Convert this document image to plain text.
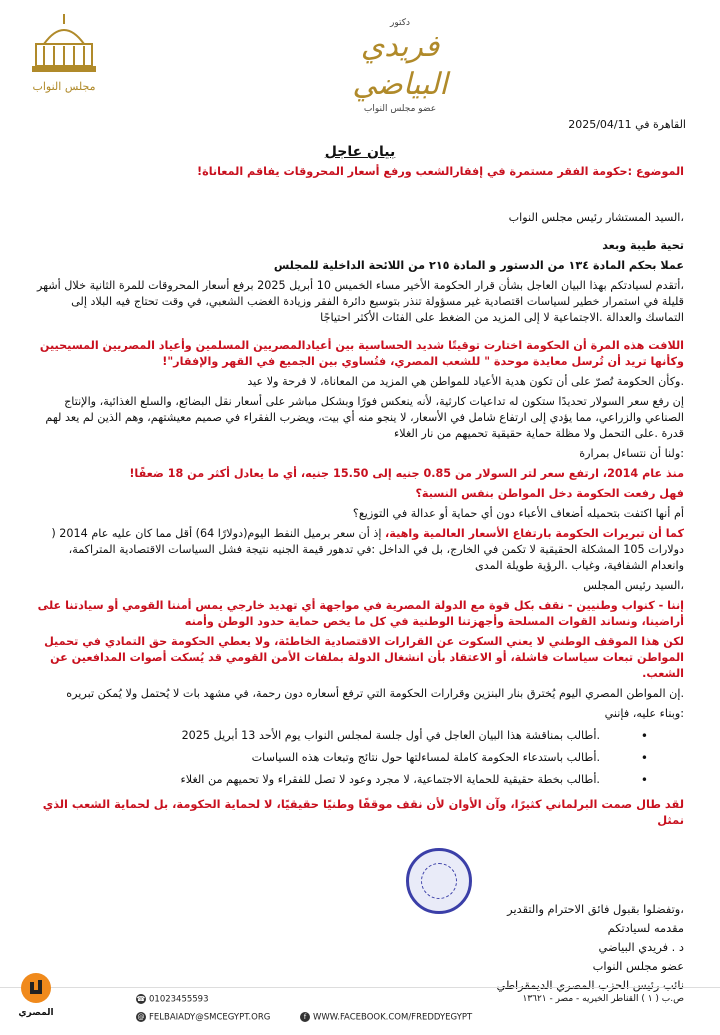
مجلس النواب
دكتور
فريدي البياضي
عضو مجلس النواب
القاهرة في 2025/04/11
بيان عاجل
الموضوع :حكومة الفقر مستمرة في إفقارالشعب ورفع أسعار المحروقات يفاقم المعاناة!
،السيد المستشار رئيس مجلس النواب
تحية طيبة وبعد
عملا بحكم المادة ١٣٤ من الدستور و المادة ٢١٥ من اللائحة الداخلية للمجلس
،أتقدم لسيادتكم بهذا البيان العاجل بشأن قرار الحكومة الأخير مساء الخميس 10 أبريل 2025 برفع أسعار المحروقات للمرة الثانية خلال أشهر قليلة في استمرار خطير لسياسات اقتصادية غير مسؤولة تنذر بتوسيع دائرة الفقر وزيادة الغضب الشعبي، في وقت تحتاج فيه البلاد إلى التماسك والعدالة .الاجتماعية لا إلى المزيد من الضغط على الفئات الأكثر احتياجًا
اللافت هذه المرة أن الحكومة اختارت توقيتًا شديد الحساسية بين أعيادالمصريين المسلمين وأعياد المصريين المسيحيين وكأنها تريد أن تُرسل معايدة موحدة " للشعب المصري، فتُساوي بين الجميع في القهر والإفقار"!
.وكأن الحكومة تُصرّ على أن تكون هدية الأعياد للمواطن هي المزيد من المعاناة، لا فرحة ولا عيد
إن رفع سعر السولار تحديدًا ستكون له تداعيات كارثية، لأنه ينعكس فورًا وبشكل مباشر على أسعار نقل البضائع، والسلع الغذائية، والإنتاج الصناعي والزراعي، مما يؤدي إلى ارتفاع شامل في الأسعار، لا ينجو منه أي بيت، ويضرب الفقراء في صميم معيشتهم، وهم الذين لم يعد لهم قدرة .على التحمل ولا مظلة حماية حقيقية تحميهم من نار الغلاء
:ولنا أن نتساءل بمرارة
منذ عام 2014، ارتفع سعر لتر السولار من 0.85 جنيه إلى 15.50 جنيه، أي ما يعادل أكثر من 18 ضعفًا!
فهل رفعت الحكومة دخل المواطن بنفس النسبة؟
أم أنها اكتفت بتحميله أضعاف الأعباء دون أي حماية أو عدالة في التوزيع؟
كما أن تبريرات الحكومة بارتفاع الأسعار العالمية واهية، إذ أن سعر برميل النفط اليوم(دولارًا 64) أقل مما كان عليه عام 2014 ( دولارات 105 المشكلة الحقيقية لا تكمن في الخارج، بل في الداخل :في تدهور قيمة الجنيه نتيجة فشل السياسات الاقتصادية المتراكمة، وانعدام الشفافية، وغياب .الرؤية طويلة المدى
،السيد رئيس المجلس
إننا - كنواب وطنيين - نقف بكل قوة مع الدولة المصرية في مواجهة أي تهديد خارجي يمس أمننا القومي أو سيادتنا على أراضينا، ونساند القوات المسلحة وأجهزتنا الوطنية في كل ما يخص حماية حدود الوطن وأمنه
لكن هذا الموقف الوطني لا يعني السكوت عن القرارات الاقتصادية الخاطئة، ولا يعطي الحكومة حق التمادي في تحميل المواطن تبعات سياسات فاشلة، أو الاعتقاد بأن انشغال الدولة بملفات الأمن القومي قد يُسكت أصوات المدافعين عن الشعب.
.إن المواطن المصري اليوم يُخترق بنار البنزين وقرارات الحكومة التي ترفع أسعاره دون رحمة، في مشهد بات لا يُحتمل ولا يُمكن تبريره
:وبناء عليه، فإنني
•
.أطالب بمناقشة هذا البيان العاجل في أول جلسة لمجلس النواب يوم الأحد 13 أبريل 2025
•
.أطالب باستدعاء الحكومة كاملة لمساءلتها حول نتائج وتبعات هذه السياسات
•
.أطالب بخطة حقيقية للحماية الاجتماعية، لا مجرد وعود لا تصل للفقراء ولا تحميهم من الغلاء
لقد طال صمت البرلماني كثيرًا، وآن الأوان لأن نقف موقفًا وطنيًا حقيقيًا، لا لحماية الحكومة، بل لحماية الشعب الذي نمثل
،وتفضلوا بقبول فائق الاحترام والتقدير
مقدمه لسيادتكم
د . فريدي البياضي
عضو مجلس النواب
نائب رئيس الحزب المصري الديمقراطي
المصري
☎ 01023455593
@ FELBAIADY@SMCEGYPT.ORG	f WWW.FACEBOOK.COM/FREDDYEGYPT
ص.ب ( ١ ) القناطر الخيريه - مصر - ١٣٦٢١
